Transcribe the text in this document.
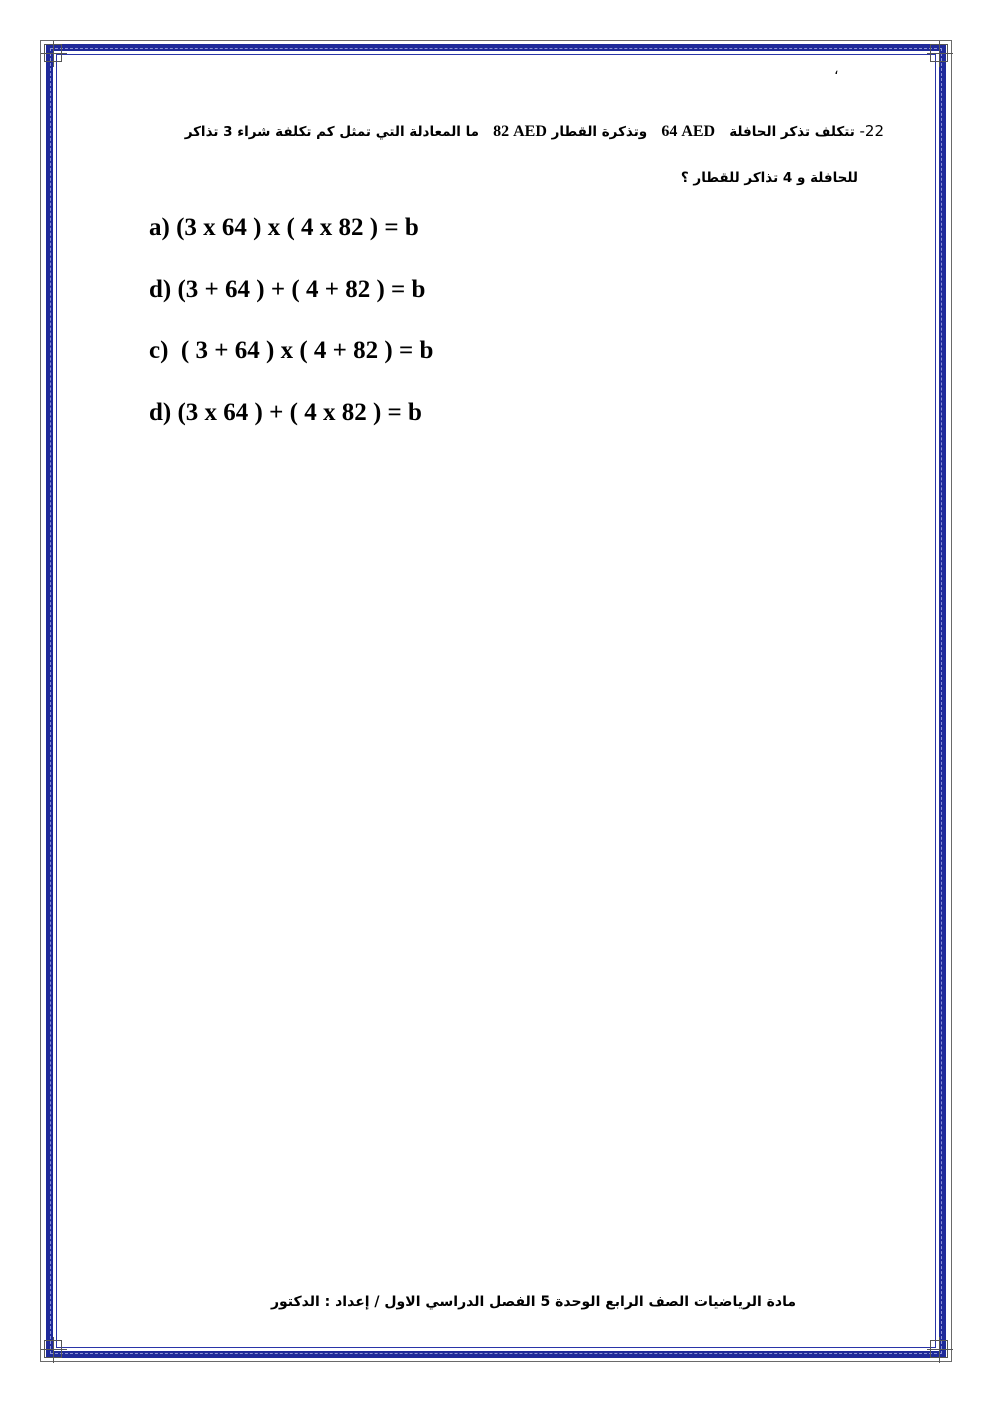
،
22- تتكلف تذكر الحافلة   64 AED   وتذكرة القطار 82 AED   ما المعادلة التي تمثل كم تكلفة شراء 3 تذاكر
للحافلة و 4 تذاكر للقطار ؟
a) (3 x 64 ) x ( 4 x 82 ) = b
d) (3 + 64 ) + ( 4 + 82 ) = b
c)  ( 3 + 64 ) x ( 4 + 82 ) = b
d) (3 x 64 ) + ( 4 x 82 ) = b
مادة الرياضيات الصف الرابع الوحدة 5 الفصل الدراسي الاول / إعداد : الدكتور
